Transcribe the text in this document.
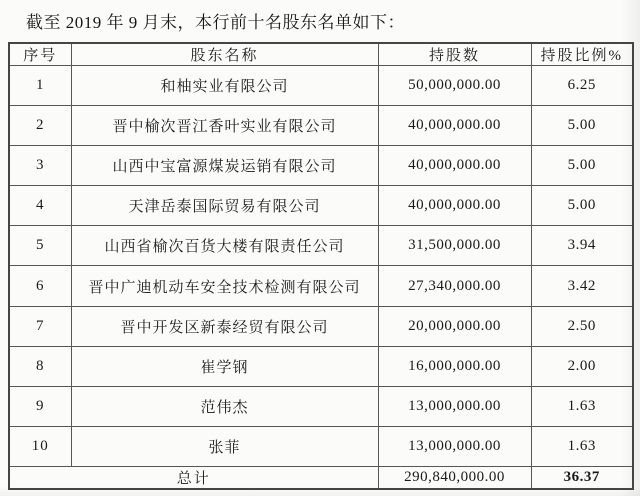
截至 2019 年 9 月末，本行前十名股东名单如下：
序号	股东名称	持股数	持股比例%
1	和柚实业有限公司	50,000,000.00	6.25
2	晋中榆次晋江香叶实业有限公司	40,000,000.00	5.00
3	山西中宝富源煤炭运销有限公司	40,000,000.00	5.00
4	天津岳泰国际贸易有限公司	40,000,000.00	5.00
5	山西省榆次百货大楼有限责任公司	31,500,000.00	3.94
6	晋中广迪机动车安全技术检测有限公司	27,340,000.00	3.42
7	晋中开发区新泰经贸有限公司	20,000,000.00	2.50
8	崔学钢	16,000,000.00	2.00
9	范伟杰	13,000,000.00	1.63
10	张菲	13,000,000.00	1.63
总计		290,840,000.00	36.37
